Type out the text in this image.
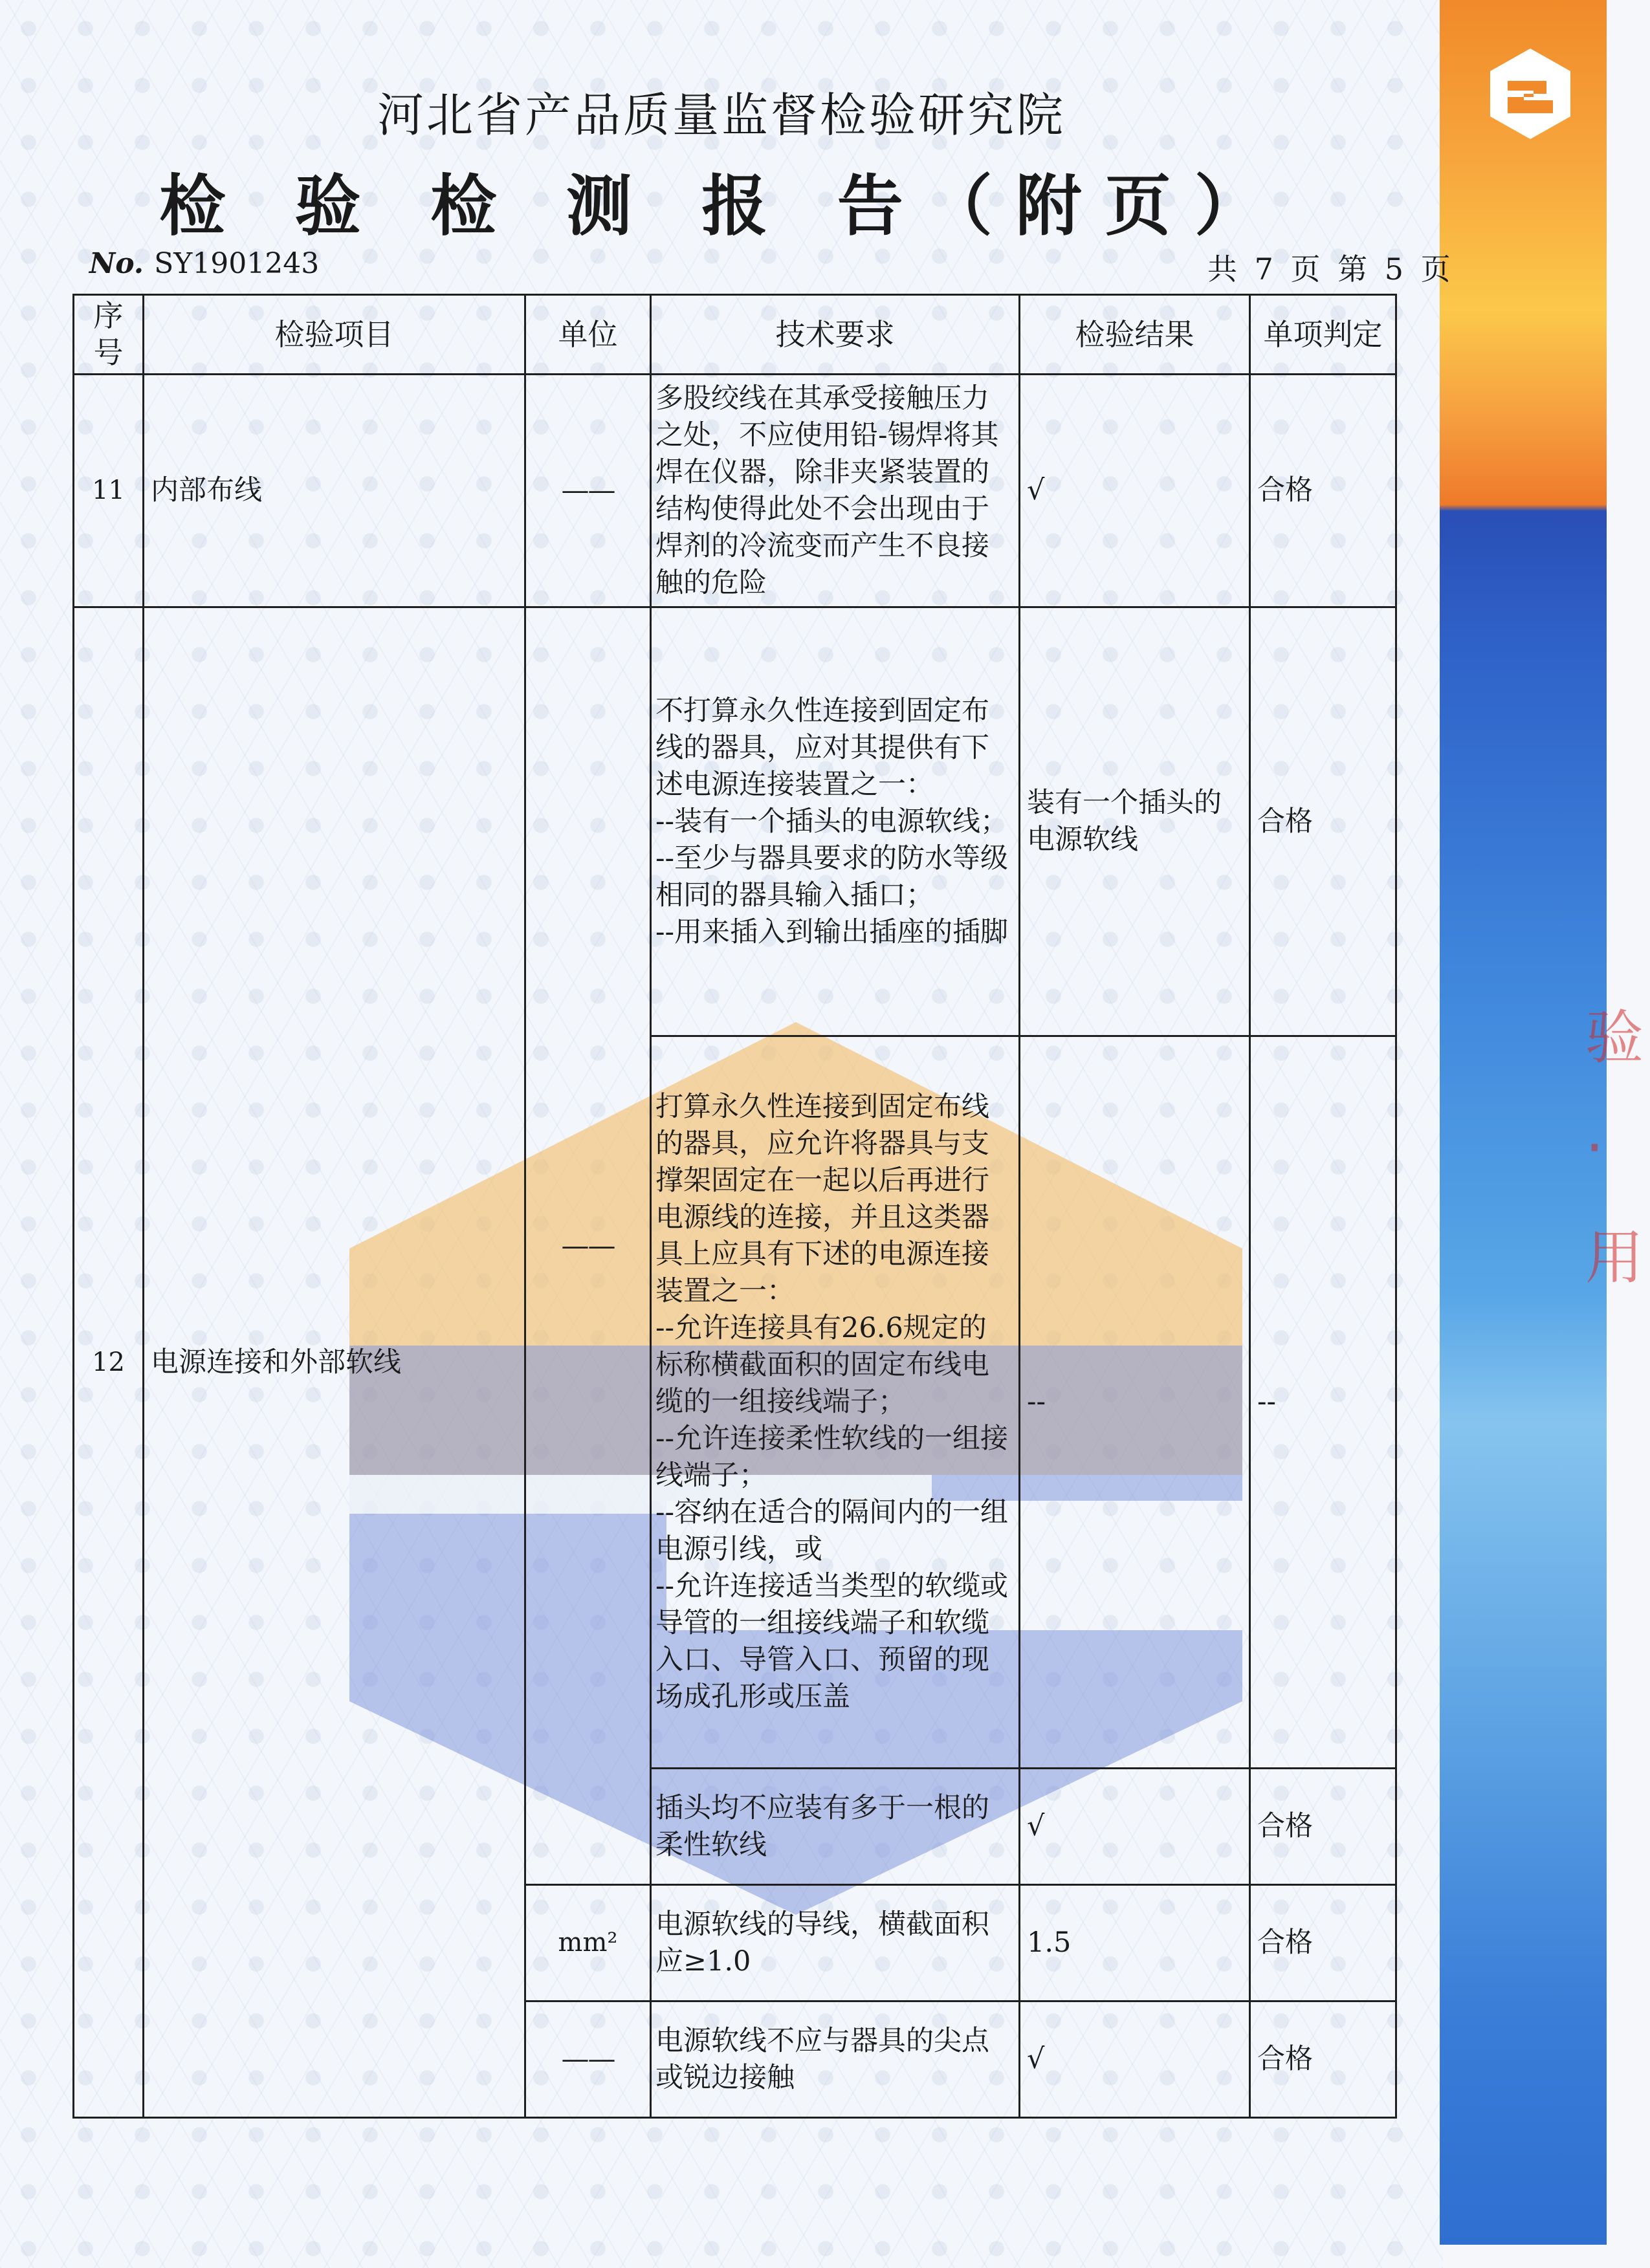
验 · 用
河北省产品质量监督检验研究院
检 验 检 测 报 告（附页）
No. SY1901243	共 7 页 第 5 页
序号	检验项目	单位	技术要求	检验结果	单项判定
11	内部布线	——	多股绞线在其承受接触压力之处，不应使用铅-锡焊将其焊在仪器，除非夹紧装置的结构使得此处不会出现由于焊剂的冷流变而产生不良接触的危险	√	合格
12	电源连接和外部软线	——	不打算永久性连接到固定布线的器具，应对其提供有下述电源连接装置之一：
--装有一个插头的电源软线；
--至少与器具要求的防水等级相同的器具输入插口；
--用来插入到输出插座的插脚	装有一个插头的电源软线	合格
			打算永久性连接到固定布线的器具，应允许将器具与支撑架固定在一起以后再进行电源线的连接，并且这类器具上应具有下述的电源连接装置之一：
--允许连接具有26.6规定的标称横截面积的固定布线电缆的一组接线端子；
--允许连接柔性软线的一组接线端子；
--容纳在适合的隔间内的一组电源引线，或
--允许连接适当类型的软缆或导管的一组接线端子和软缆入口、导管入口、预留的现场成孔形或压盖	--	--
			插头均不应装有多于一根的柔性软线	√	合格
		mm²	电源软线的导线，横截面积应≥1.0	1.5	合格
		——	电源软线不应与器具的尖点或锐边接触	√	合格
